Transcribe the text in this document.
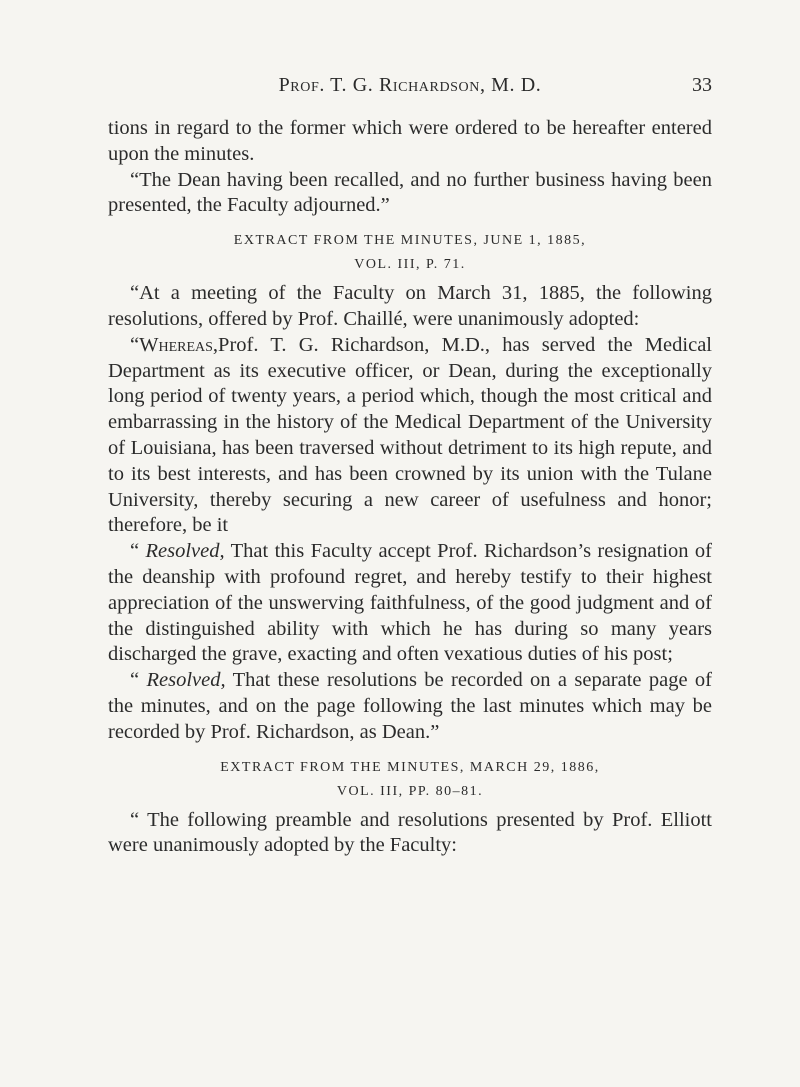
Prof. T. G. Richardson, M. D.	33

tions in regard to the former which were ordered to be hereafter entered upon the minutes.

“The Dean having been recalled, and no further business having been presented, the Faculty adjourned.”

EXTRACT FROM THE MINUTES, JUNE 1, 1885,
VOL. III, P. 71.

“At a meeting of the Faculty on March 31, 1885, the following resolutions, offered by Prof. Chaillé, were unanimously adopted:

“Whereas,Prof. T. G. Richardson, M.D., has served the Medical Department as its executive officer, or Dean, during the exceptionally long period of twenty years, a period which, though the most critical and embarrassing in the history of the Medical Department of the University of Louisiana, has been traversed without detriment to its high repute, and to its best interests, and has been crowned by its union with the Tulane University, thereby securing a new career of usefulness and honor; therefore, be it

“ Resolved, That this Faculty accept Prof. Richardson’s resignation of the deanship with profound regret, and hereby testify to their highest appreciation of the unswerving faithfulness, of the good judgment and of the distinguished ability with which he has during so many years discharged the grave, exacting and often vexatious duties of his post;

“ Resolved, That these resolutions be recorded on a separate page of the minutes, and on the page following the last minutes which may be recorded by Prof. Richardson, as Dean.”

EXTRACT FROM THE MINUTES, MARCH 29, 1886,
VOL. III, PP. 80–81.

“ The following preamble and resolutions presented by Prof. Elliott were unanimously adopted by the Faculty:
